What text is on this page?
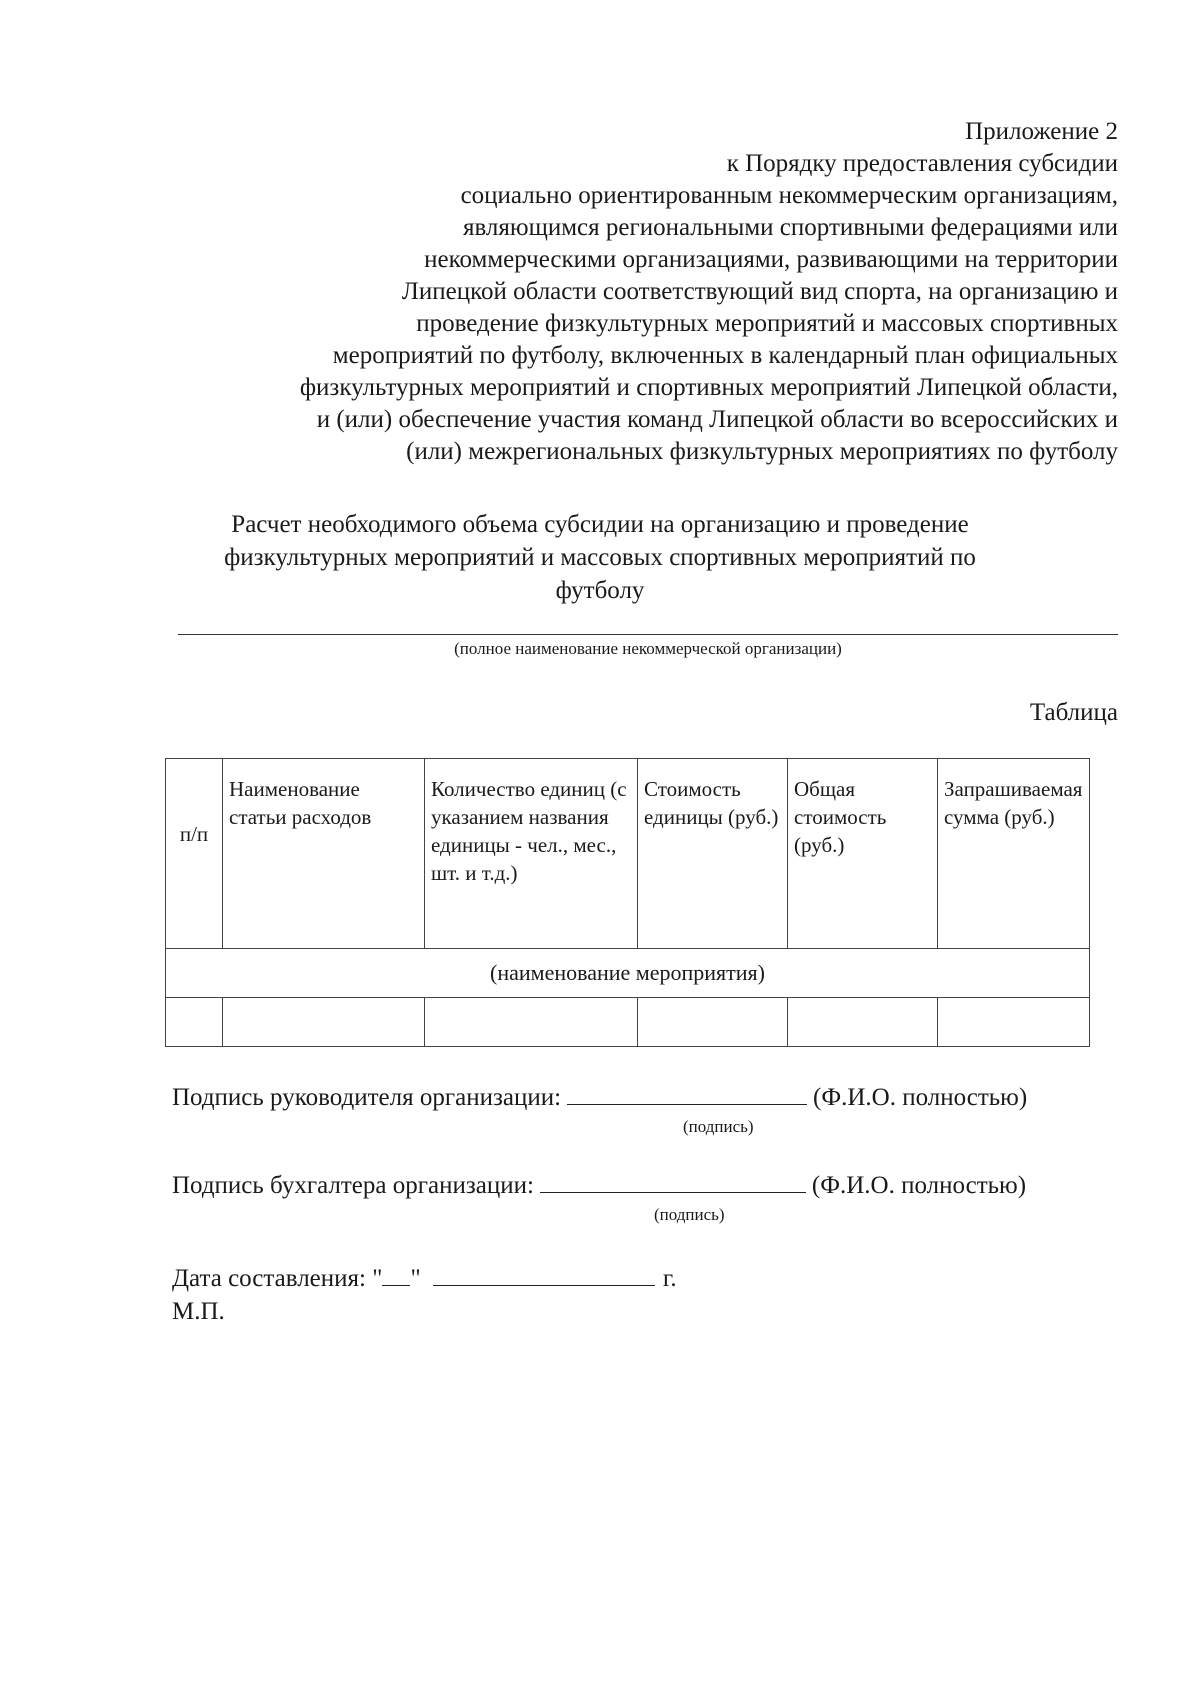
Приложение 2
к Порядку предоставления субсидии
социально ориентированным некоммерческим организациям,
являющимся региональными спортивными федерациями или
некоммерческими организациями, развивающими на территории
Липецкой области соответствующий вид спорта, на организацию и
проведение физкультурных мероприятий и массовых спортивных
мероприятий по футболу, включенных в календарный план официальных
физкультурных мероприятий и спортивных мероприятий Липецкой области,
и (или) обеспечение участия команд Липецкой области во всероссийских и
(или) межрегиональных физкультурных мероприятиях по футболу
Расчет необходимого объема субсидии на организацию и проведение
физкультурных мероприятий и массовых спортивных мероприятий по
футболу
(полное наименование некоммерческой организации)
Таблица
п/п	Наименование статьи расходов	Количество единиц (с указанием названия единицы - чел., мес., шт. и т.д.)	Стоимость единицы (руб.)	Общая стоимость (руб.)	Запрашиваемая сумма (руб.)
(наименование мероприятия)					

Подпись руководителя организации:	(Ф.И.О. полностью)
(подпись)
Подпись бухгалтера организации:	(Ф.И.О. полностью)
(подпись)
Дата составления: " "	г.
М.П.
